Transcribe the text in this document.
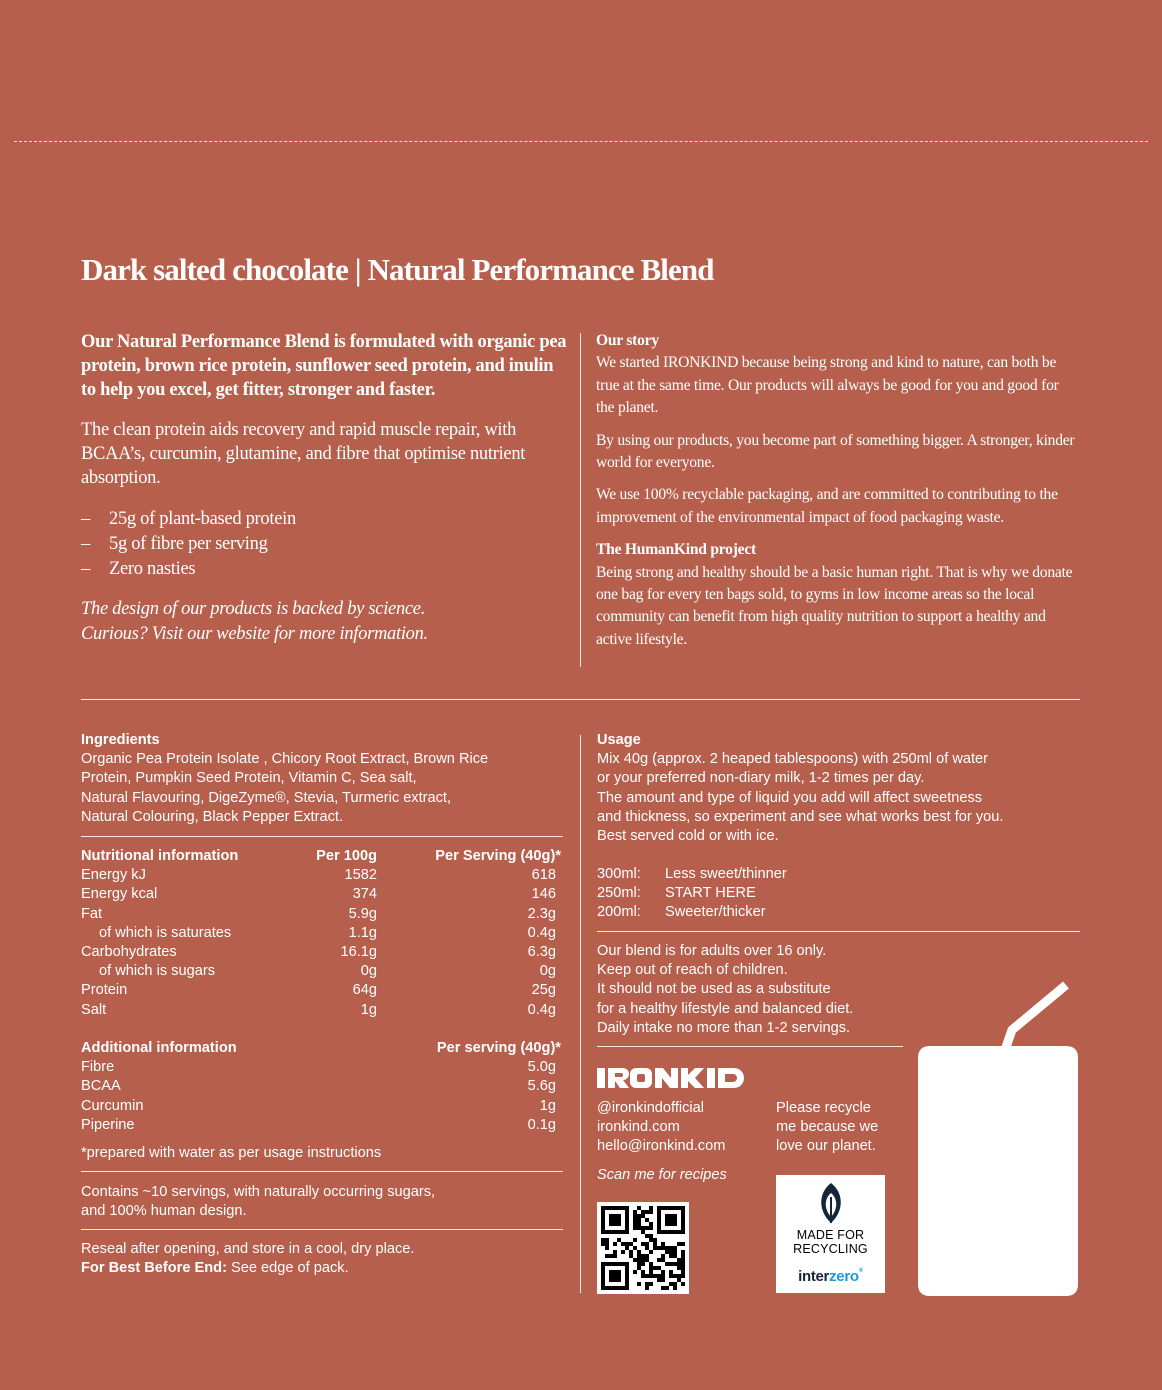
Dark salted chocolate | Natural Performance Blend

Our Natural Performance Blend is formulated with organic pea protein, brown rice protein, sunflower seed protein, and inulin to help you excel, get fitter, stronger and faster.

The clean protein aids recovery and rapid muscle repair, with BCAA’s, curcumin, glutamine, and fibre that optimise nutrient absorption.

–	25g of plant-based protein
–	5g of fibre per serving
–	Zero nasties

The design of our products is backed by science.
Curious? Visit our website for more information.

Our story

We started IRONKIND because being strong and kind to nature, can both be true at the same time. Our products will always be good for you and good for the planet.

By using our products, you become part of something bigger. A stronger, kinder world for everyone.

We use 100% recyclable packaging, and are committed to contributing to the improvement of the environmental impact of food packaging waste.

The HumanKind project

Being strong and healthy should be a basic human right. That is why we donate one bag for every ten bags sold, to gyms in low income areas so the local community can benefit from high quality nutrition to support a healthy and active lifestyle.

Ingredients
Organic Pea Protein Isolate , Chicory Root Extract, Brown Rice
Protein, Pumpkin Seed Protein, Vitamin C, Sea salt,
Natural Flavouring, DigeZyme®, Stevia, Turmeric extract,
Natural Colouring, Black Pepper Extract.
Nutritional information	Per 100g	Per Serving (40g)*
Energy kJ	1582	618
Energy kcal	374	146
Fat	5.9g	2.3g
of which is saturates	1.1g	0.4g
Carbohydrates	16.1g	6.3g
of which is sugars	0g	0g
Protein	64g	25g
Salt	1g	0.4g
Additional information	Per serving (40g)*
Fibre	5.0g
BCAA	5.6g
Curcumin	1g
Piperine	0.1g
*prepared with water as per usage instructions
Contains ~10 servings, with naturally occurring sugars,
and 100% human design.
Reseal after opening, and store in a cool, dry place.
For Best Before End: See edge of pack.
Usage
Mix 40g (approx. 2 heaped tablespoons) with 250ml of water
or your preferred non-diary milk, 1-2 times per day.
The amount and type of liquid you add will affect sweetness
and thickness, so experiment and see what works best for you.
Best served cold or with ice.
300ml:	Less sweet/thinner
250ml:	START HERE
200ml:	Sweeter/thicker
Our blend is for adults over 16 only.
Keep out of reach of children.
It should not be used as a substitute
for a healthy lifestyle and balanced diet.
Daily intake no more than 1-2 servings.
@ironkindofficial
ironkind.com
hello@ironkind.com
Please recycle
me because we
love our planet.
Scan me for recipes
MADE FOR
RECYCLING
interzero®
